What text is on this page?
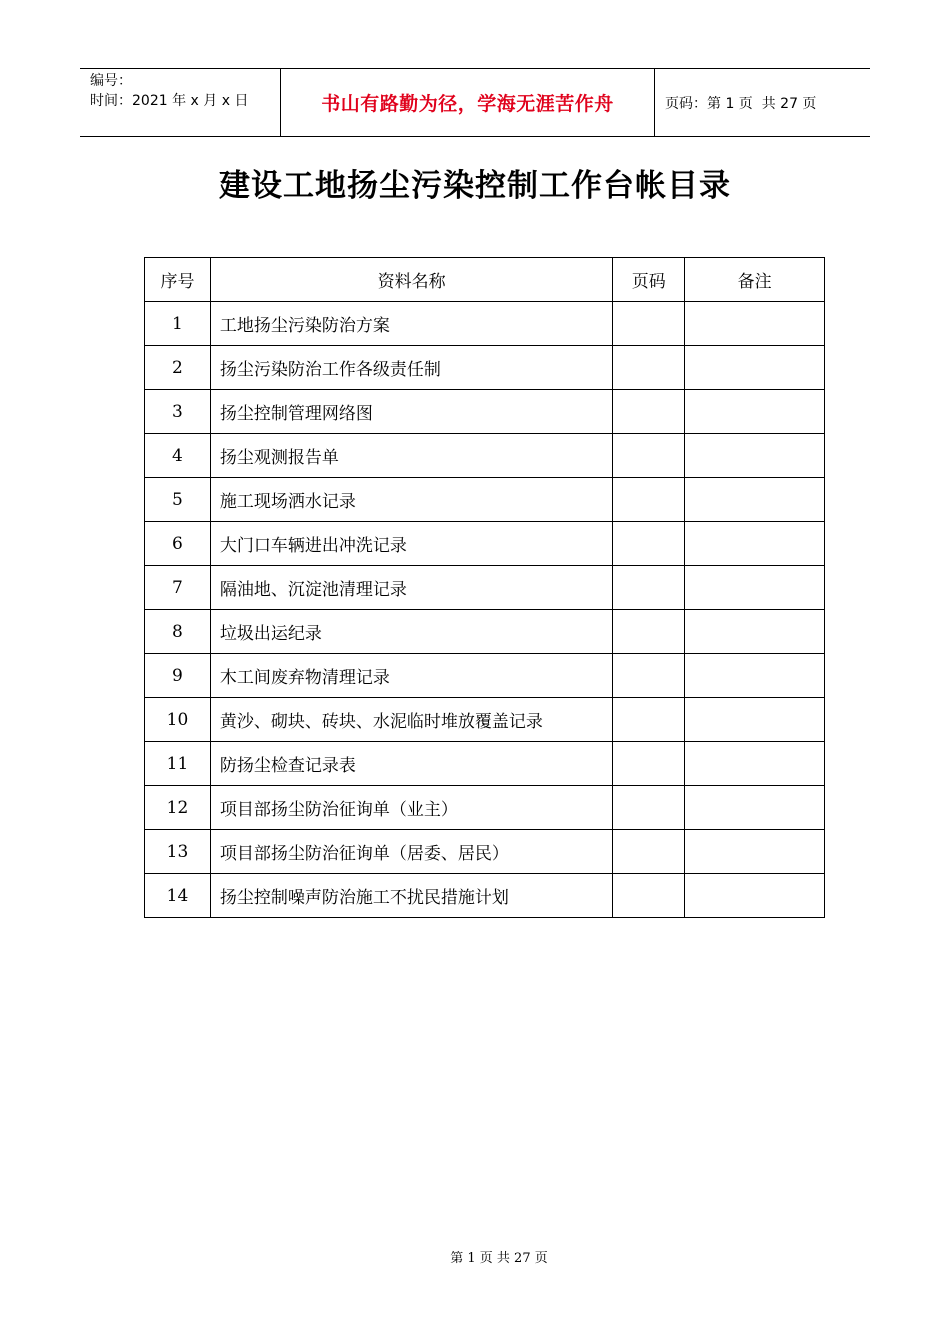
编号：
时间：2021 年 x 月 x 日	书山有路勤为径，学海无涯苦作舟	页码：第 1 页  共 27 页
建设工地扬尘污染控制工作台帐目录
序号	资料名称	页码	备注
1	工地扬尘污染防治方案		
2	扬尘污染防治工作各级责任制		
3	扬尘控制管理网络图		
4	扬尘观测报告单		
5	施工现场洒水记录		
6	大门口车辆进出冲洗记录		
7	隔油地、沉淀池清理记录		
8	垃圾出运纪录		
9	木工间废弃物清理记录		
10	黄沙、砌块、砖块、水泥临时堆放覆盖记录		
11	防扬尘检查记录表		
12	项目部扬尘防治征询单（业主）		
13	项目部扬尘防治征询单（居委、居民）		
14	扬尘控制噪声防治施工不扰民措施计划		
第 1 页 共 27 页
